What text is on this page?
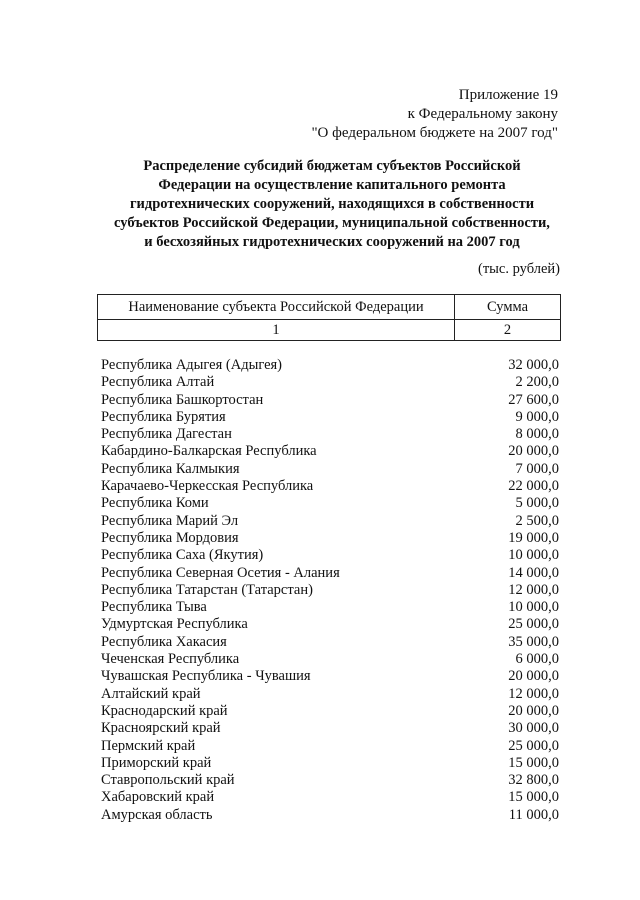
Приложение 19
к Федеральному закону
"О федеральном бюджете на 2007 год"
Распределение субсидий бюджетам субъектов Российской
Федерации на осуществление капитального ремонта
гидротехнических сооружений, находящихся в собственности
субъектов Российской Федерации, муниципальной собственности,
и бесхозяйных гидротехнических сооружений на 2007 год
(тыс. рублей)
Наименование субъекта Российской Федерации	Сумма
1	2
Республика Адыгея (Адыгея)	32 000,0
Республика Алтай	2 200,0
Республика Башкортостан	27 600,0
Республика Бурятия	9 000,0
Республика Дагестан	8 000,0
Кабардино-Балкарская Республика	20 000,0
Республика Калмыкия	7 000,0
Карачаево-Черкесская Республика	22 000,0
Республика Коми	5 000,0
Республика Марий Эл	2 500,0
Республика Мордовия	19 000,0
Республика Саха (Якутия)	10 000,0
Республика Северная Осетия - Алания	14 000,0
Республика Татарстан (Татарстан)	12 000,0
Республика Тыва	10 000,0
Удмуртская Республика	25 000,0
Республика Хакасия	35 000,0
Чеченская Республика	6 000,0
Чувашская Республика - Чувашия	20 000,0
Алтайский край	12 000,0
Краснодарский край	20 000,0
Красноярский край	30 000,0
Пермский край	25 000,0
Приморский край	15 000,0
Ставропольский край	32 800,0
Хабаровский край	15 000,0
Амурская область	11 000,0
